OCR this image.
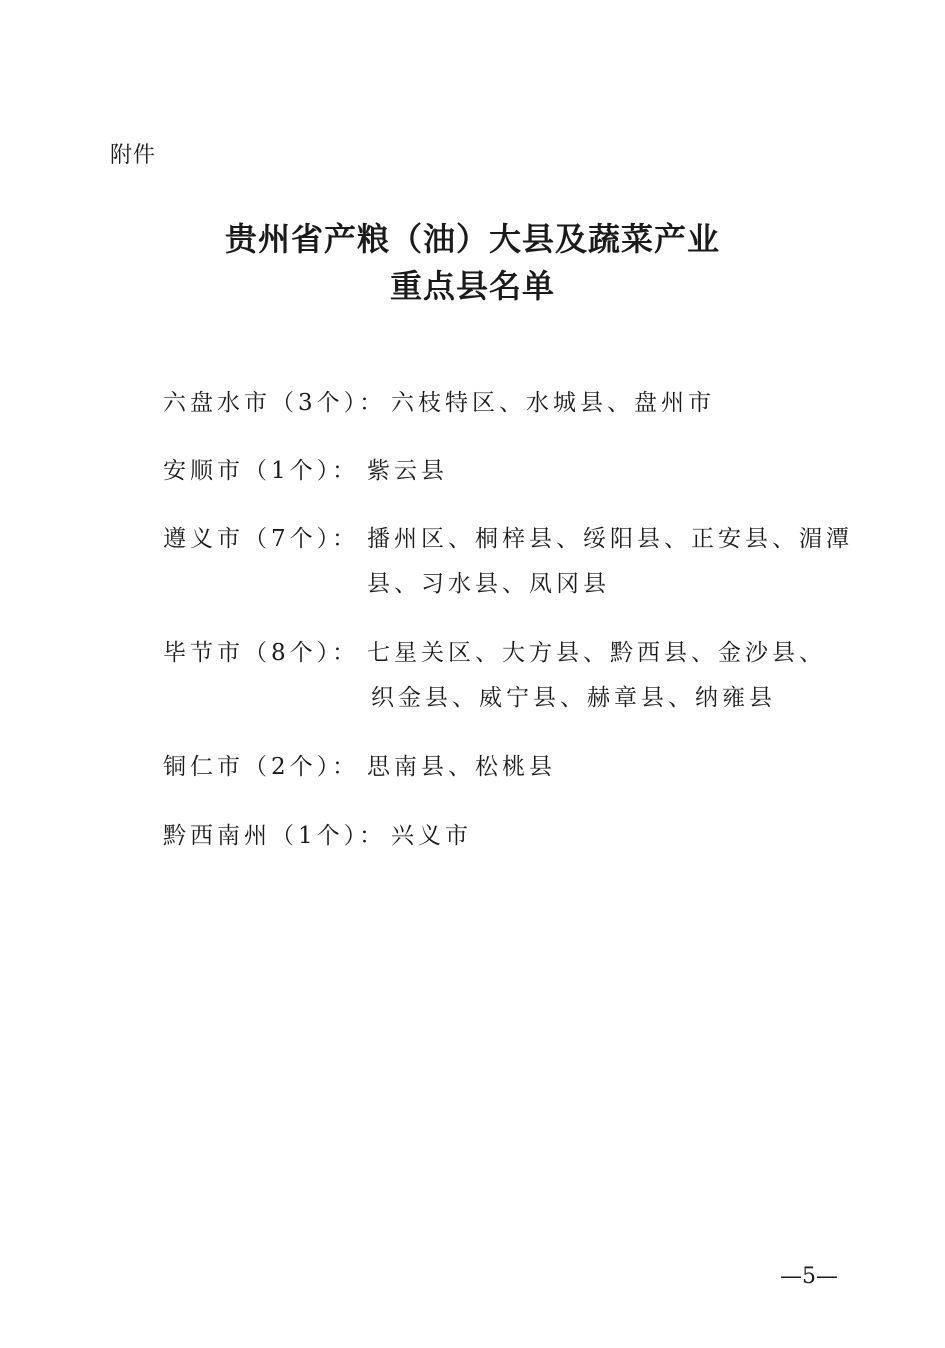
附件
贵州省产粮（油）大县及蔬菜产业
重点县名单
六盘水市（3个）： 六枝特区、水城县、盘州市
安顺市（1个）： 紫云县
遵义市（7个）： 播州区、桐梓县、绥阳县、正安县、湄潭
县、习水县、凤冈县
毕节市（8个）： 七星关区、大方县、黔西县、金沙县、
织金县、威宁县、赫章县、纳雍县
铜仁市（2个）： 思南县、松桃县
黔西南州（1个）： 兴义市
—5—
